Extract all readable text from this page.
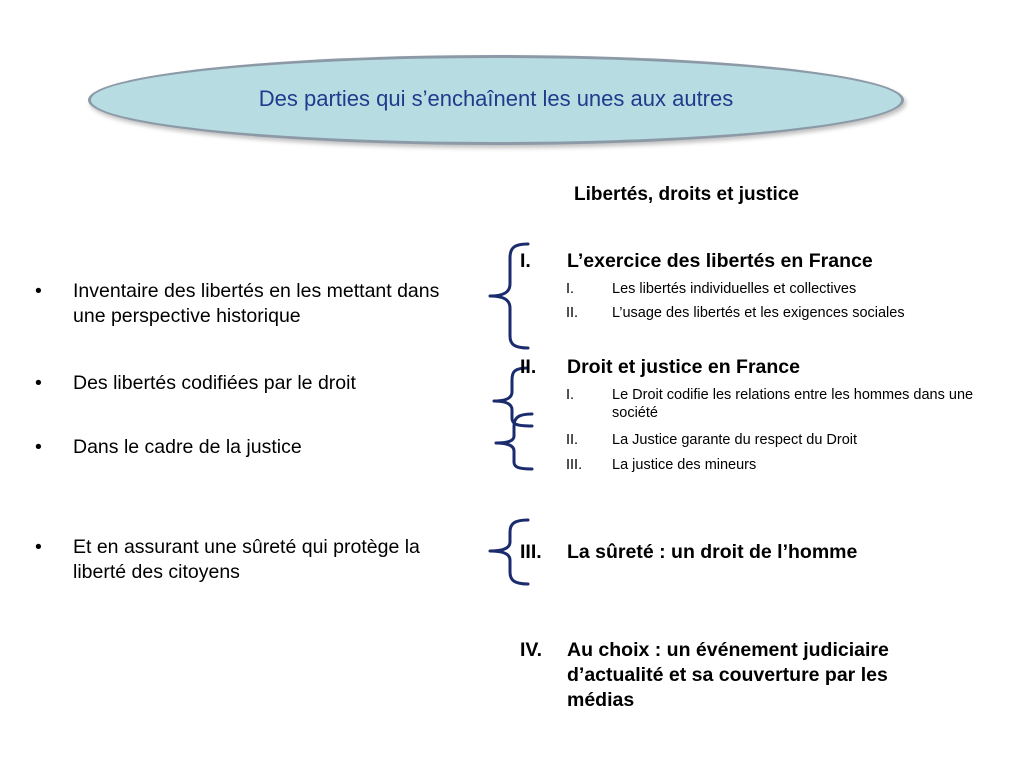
Des parties qui s’enchaînent les unes aux autres
Libertés, droits et justice
•	Inventaire des libertés en les mettant dans une perspective historique
•	Des libertés codifiées par le droit
•	Dans le cadre de la justice
•	Et en assurant une sûreté qui protège la liberté des citoyens
I.	L’exercice des libertés en France
I.	Les libertés individuelles et collectives
II.	L’usage des libertés et les exigences sociales
II.	Droit et justice en France
I.	Le Droit codifie les relations entre les hommes dans une société
II.	La Justice garante du respect du Droit
III.	La justice des mineurs
III.	La sûreté : un droit de l’homme
IV.	Au choix : un événement judiciaire d’actualité et sa couverture par les médias
